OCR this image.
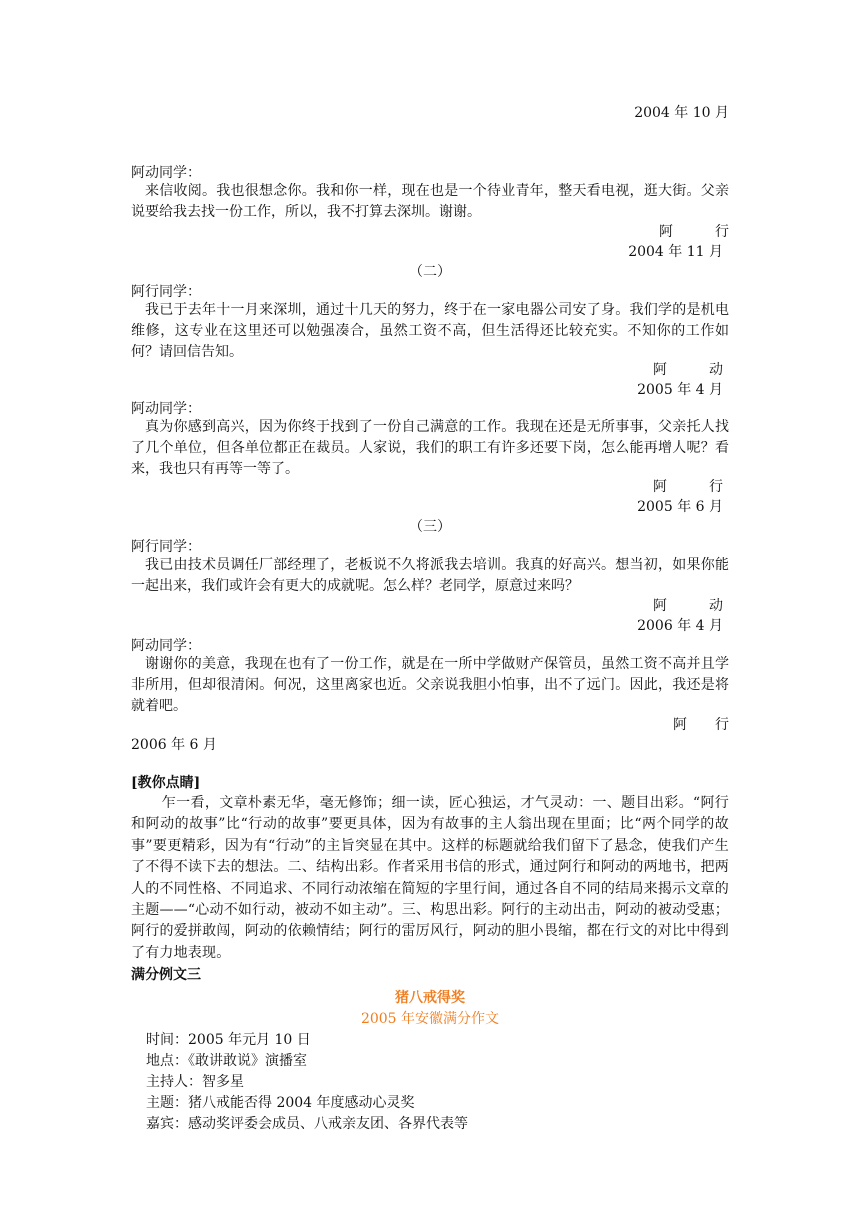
2004 年 10 月
阿动同学：
来信收阅。我也很想念你。我和你一样，现在也是一个待业青年，整天看电视，逛大街。父亲说要给我去找一份工作，所以，我不打算去深圳。谢谢。
阿　　　行
2004 年 11 月
（二）
阿行同学：
我已于去年十一月来深圳，通过十几天的努力，终于在一家电器公司安了身。我们学的是机电维修，这专业在这里还可以勉强凑合，虽然工资不高，但生活得还比较充实。不知你的工作如何？请回信告知。
阿　　　动
2005 年 4 月
阿动同学：
真为你感到高兴，因为你终于找到了一份自己满意的工作。我现在还是无所事事，父亲托人找了几个单位，但各单位都正在裁员。人家说，我们的职工有许多还要下岗，怎么能再增人呢？看来，我也只有再等一等了。
阿　　　行
2005 年 6 月
（三）
阿行同学：
我已由技术员调任厂部经理了，老板说不久将派我去培训。我真的好高兴。想当初，如果你能一起出来，我们或许会有更大的成就呢。怎么样？老同学，原意过来吗？
阿　　　动
2006 年 4 月
阿动同学：
谢谢你的美意，我现在也有了一份工作，就是在一所中学做财产保管员，虽然工资不高并且学非所用，但却很清闲。何况，这里离家也近。父亲说我胆小怕事，出不了远门。因此，我还是将就着吧。
阿　　行
2006 年 6 月
[教你点睛]
乍一看，文章朴素无华，毫无修饰；细一读，匠心独运，才气灵动：一、题目出彩。“阿行和阿动的故事”比“行动的故事”要更具体，因为有故事的主人翁出现在里面；比“两个同学的故事”要更精彩，因为有“行动”的主旨突显在其中。这样的标题就给我们留下了悬念，使我们产生了不得不读下去的想法。二、结构出彩。作者采用书信的形式，通过阿行和阿动的两地书，把两人的不同性格、不同追求、不同行动浓缩在简短的字里行间，通过各自不同的结局来揭示文章的主题——“心动不如行动，被动不如主动”。三、构思出彩。阿行的主动出击，阿动的被动受惠；阿行的爱拼敢闯，阿动的依赖情结；阿行的雷厉风行，阿动的胆小畏缩，都在行文的对比中得到了有力地表现。
满分例文三
猪八戒得奖
2005 年安徽满分作文
时间：2005 年元月 10 日
地点：《敢讲敢说》演播室
主持人：智多星
主题：猪八戒能否得 2004 年度感动心灵奖
嘉宾：感动奖评委会成员、八戒亲友团、各界代表等
